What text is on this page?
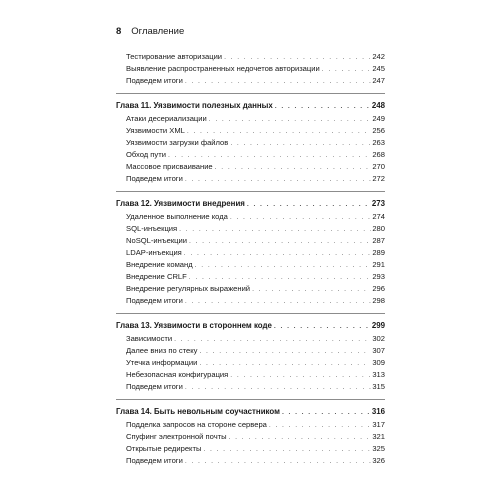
8 Оглавление
Тестирование авторизации . . .	242
Выявление распространенных недочетов авторизации . . .	245
Подведем итоги . . .	247
Глава 11. Уязвимости полезных данных . . .	248
Атаки десериализации . . .	249
Уязвимости XML . . .	256
Уязвимости загрузки файлов . . .	263
Обход пути . . .	268
Массовое присваивание . . .	270
Подведем итоги . . .	272
Глава 12. Уязвимости внедрения . . .	273
Удаленное выполнение кода . . .	274
SQL-инъекция . . .	280
NoSQL-инъекции . . .	287
LDAP-инъекция . . .	289
Внедрение команд . . .	291
Внедрение CRLF . . .	293
Внедрение регулярных выражений . . .	296
Подведем итоги . . .	298
Глава 13. Уязвимости в стороннем коде . . .	299
Зависимости . . .	302
Далее вниз по стеку . . .	307
Утечка информации . . .	309
Небезопасная конфигурация . . .	313
Подведем итоги . . .	315
Глава 14. Быть невольным соучастником . . .	316
Подделка запросов на стороне сервера . . .	317
Спуфинг электронной почты . . .	321
Открытые редиректы . . .	325
Подведем итоги . . .	326
